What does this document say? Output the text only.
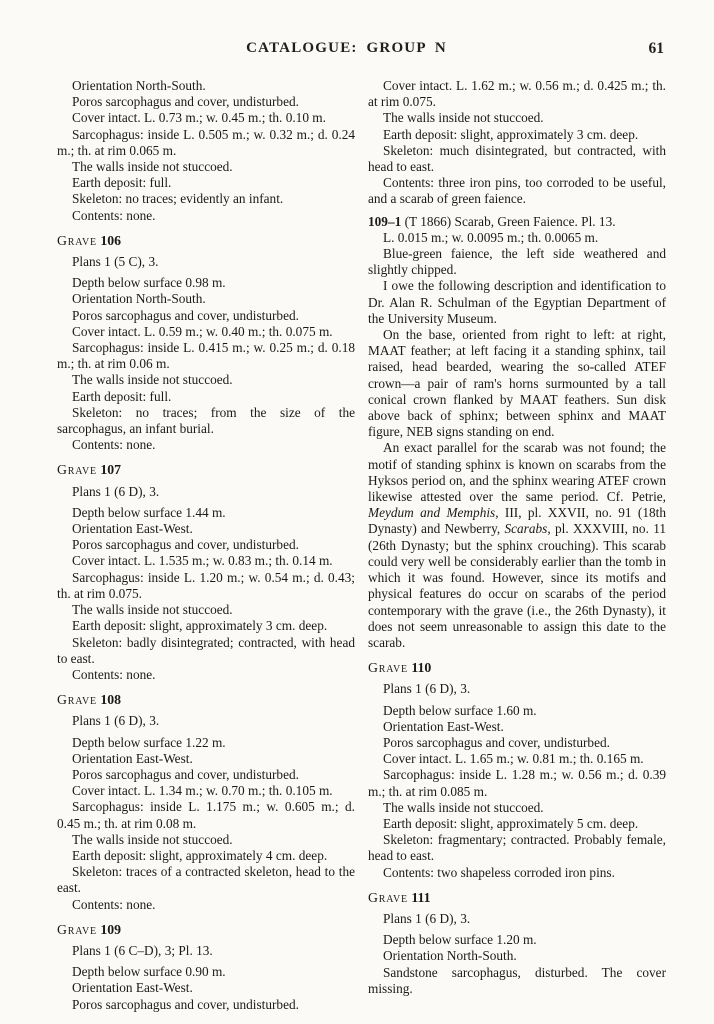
CATALOGUE: GROUP N	61

Orientation North-South.

Poros sarcophagus and cover, undisturbed.

Cover intact. L. 0.73 m.; w. 0.45 m.; th. 0.10 m.

Sarcophagus: inside L. 0.505 m.; w. 0.32 m.; d. 0.24 m.; th. at rim 0.065 m.

The walls inside not stuccoed.

Earth deposit: full.

Skeleton: no traces; evidently an infant.

Contents: none.

Grave 106

Plans 1 (5 C), 3.

Depth below surface 0.98 m.

Orientation North-South.

Poros sarcophagus and cover, undisturbed.

Cover intact. L. 0.59 m.; w. 0.40 m.; th. 0.075 m.

Sarcophagus: inside L. 0.415 m.; w. 0.25 m.; d. 0.18 m.; th. at rim 0.06 m.

The walls inside not stuccoed.

Earth deposit: full.

Skeleton: no traces; from the size of the sarcophagus, an infant burial.

Contents: none.

Grave 107

Plans 1 (6 D), 3.

Depth below surface 1.44 m.

Orientation East-West.

Poros sarcophagus and cover, undisturbed.

Cover intact. L. 1.535 m.; w. 0.83 m.; th. 0.14 m.

Sarcophagus: inside L. 1.20 m.; w. 0.54 m.; d. 0.43; th. at rim 0.075.

The walls inside not stuccoed.

Earth deposit: slight, approximately 3 cm. deep.

Skeleton: badly disintegrated; contracted, with head to east.

Contents: none.

Grave 108

Plans 1 (6 D), 3.

Depth below surface 1.22 m.

Orientation East-West.

Poros sarcophagus and cover, undisturbed.

Cover intact. L. 1.34 m.; w. 0.70 m.; th. 0.105 m.

Sarcophagus: inside L. 1.175 m.; w. 0.605 m.; d. 0.45 m.; th. at rim 0.08 m.

The walls inside not stuccoed.

Earth deposit: slight, approximately 4 cm. deep.

Skeleton: traces of a contracted skeleton, head to the east.

Contents: none.

Grave 109

Plans 1 (6 C–D), 3; Pl. 13.

Depth below surface 0.90 m.

Orientation East-West.

Poros sarcophagus and cover, undisturbed.

Cover intact. L. 1.62 m.; w. 0.56 m.; d. 0.425 m.; th. at rim 0.075.

The walls inside not stuccoed.

Earth deposit: slight, approximately 3 cm. deep.

Skeleton: much disintegrated, but contracted, with head to east.

Contents: three iron pins, too corroded to be useful, and a scarab of green faience.

109–1 (T 1866) Scarab, Green Faience. Pl. 13.

L. 0.015 m.; w. 0.0095 m.; th. 0.0065 m.

Blue-green faience, the left side weathered and slightly chipped.

I owe the following description and identification to Dr. Alan R. Schulman of the Egyptian Department of the University Museum.

On the base, oriented from right to left: at right, MAAT feather; at left facing it a standing sphinx, tail raised, head bearded, wearing the so-called ATEF crown—a pair of ram's horns surmounted by a tall conical crown flanked by MAAT feathers. Sun disk above back of sphinx; between sphinx and MAAT figure, NEB signs standing on end.

An exact parallel for the scarab was not found; the motif of standing sphinx is known on scarabs from the Hyksos period on, and the sphinx wearing ATEF crown likewise attested over the same period. Cf. Petrie, Meydum and Memphis, III, pl. XXVII, no. 91 (18th Dynasty) and Newberry, Scarabs, pl. XXXVIII, no. 11 (26th Dynasty; but the sphinx crouching). This scarab could very well be considerably earlier than the tomb in which it was found. However, since its motifs and physical features do occur on scarabs of the period contemporary with the grave (i.e., the 26th Dynasty), it does not seem unreasonable to assign this date to the scarab.

Grave 110

Plans 1 (6 D), 3.

Depth below surface 1.60 m.

Orientation East-West.

Poros sarcophagus and cover, undisturbed.

Cover intact. L. 1.65 m.; w. 0.81 m.; th. 0.165 m.

Sarcophagus: inside L. 1.28 m.; w. 0.56 m.; d. 0.39 m.; th. at rim 0.085 m.

The walls inside not stuccoed.

Earth deposit: slight, approximately 5 cm. deep.

Skeleton: fragmentary; contracted. Probably female, head to east.

Contents: two shapeless corroded iron pins.

Grave 111

Plans 1 (6 D), 3.

Depth below surface 1.20 m.

Orientation North-South.

Sandstone sarcophagus, disturbed. The cover missing.
